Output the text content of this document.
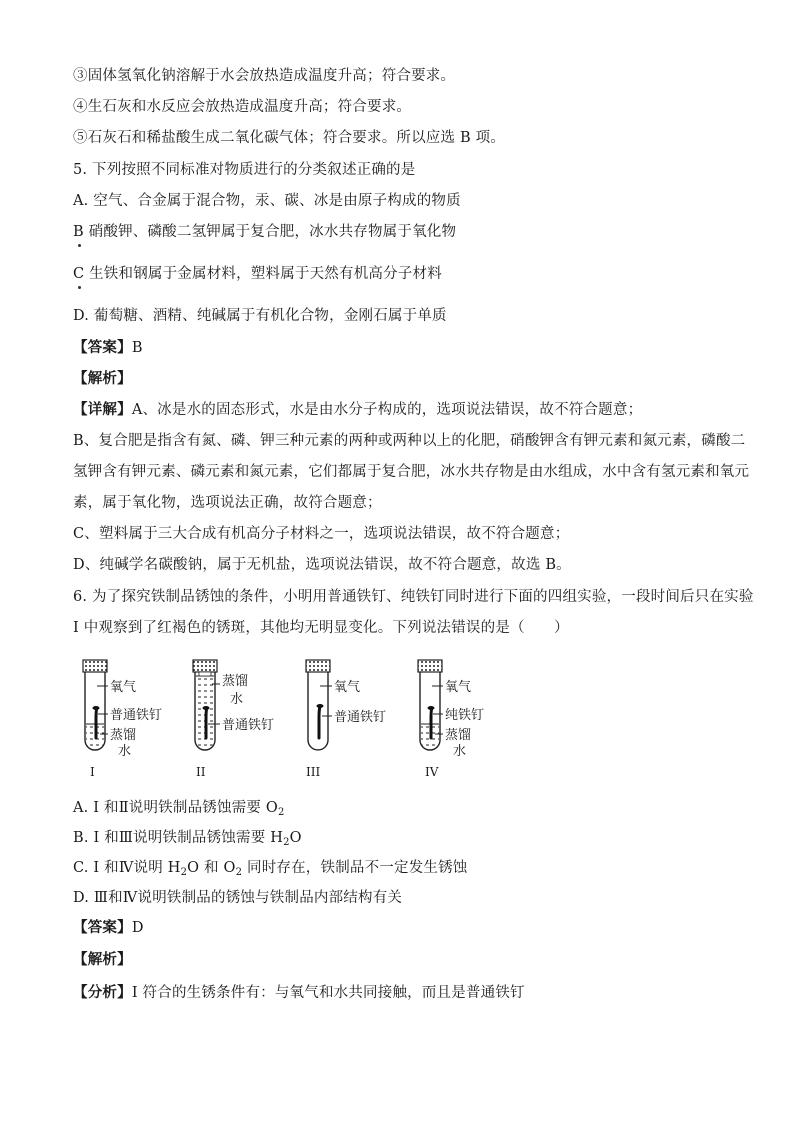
③固体氢氧化钠溶解于水会放热造成温度升高；符合要求。
④生石灰和水反应会放热造成温度升高；符合要求。
⑤石灰石和稀盐酸生成二氧化碳气体；符合要求。所以应选 B 项。
5. 下列按照不同标准对物质进行的分类叙述正确的是
A. 空气、合金属于混合物，汞、碳、冰是由原子构成的物质
B 硝酸钾、磷酸二氢钾属于复合肥，冰水共存物属于氧化物
C 生铁和钢属于金属材料，塑料属于天然有机高分子材料
D. 葡萄糖、酒精、纯碱属于有机化合物，金刚石属于单质
【答案】B
【解析】
【详解】A、冰是水的固态形式，水是由水分子构成的，选项说法错误，故不符合题意；
B、复合肥是指含有氮、磷、钾三种元素的两种或两种以上的化肥，硝酸钾含有钾元素和氮元素，磷酸二
氢钾含有钾元素、磷元素和氮元素，它们都属于复合肥，冰水共存物是由水组成，水中含有氢元素和氧元
素，属于氧化物，选项说法正确，故符合题意；
C、塑料属于三大合成有机高分子材料之一，选项说法错误，故不符合题意；
D、纯碱学名碳酸钠，属于无机盐，选项说法错误，故不符合题意，故选 B。
6. 为了探究铁制品锈蚀的条件，小明用普通铁钉、纯铁钉同时进行下面的四组实验，一段时间后只在实验
I 中观察到了红褐色的锈斑，其他均无明显变化。下列说法错误的是（　　）
氧气
普通铁钉
蒸馏
水
I
蒸馏
水
普通铁钉
II
氧气
普通铁钉
III
氧气
纯铁钉
蒸馏
水
IV
A. I 和Ⅱ说明铁制品锈蚀需要 $O_2$
B. I 和Ⅲ说明铁制品锈蚀需要 $H_2O$
C. I 和Ⅳ说明 $H_2O$ 和 $O_2$ 同时存在，铁制品不一定发生锈蚀
D. Ⅲ和Ⅳ说明铁制品的锈蚀与铁制品内部结构有关
【答案】D
【解析】
【分析】I 符合的生锈条件有：与氧气和水共同接触，而且是普通铁钉
